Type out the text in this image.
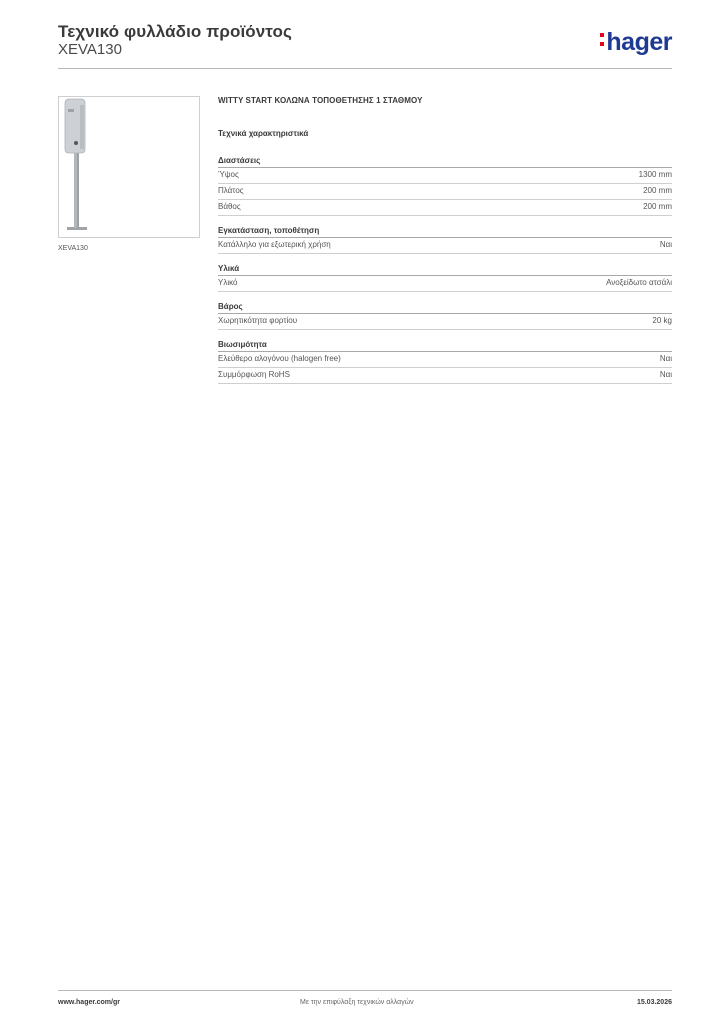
Τεχνικό φυλλάδιο προϊόντος
XEVA130	hager
XEVA130
WITTY START ΚΟΛΩΝΑ ΤΟΠΟΘΕΤΗΣΗΣ 1 ΣΤΑΘΜΟΥ
Τεχνικά χαρακτηριστικά
Διαστάσεις
Ύψος	1300 mm
Πλάτος	200 mm
Βάθος	200 mm
Εγκατάσταση, τοποθέτηση
Κατάλληλο για εξωτερική χρήση	Ναι
Υλικά
Υλικό	Ανοξείδωτο ατσάλι
Βάρος
Χωρητικότητα φορτίου	20 kg
Βιωσιμότητα
Ελεύθερο αλογόνου (halogen free)	Ναι
Συμμόρφωση RoHS	Ναι
www.hager.com/gr	Με την επιφύλαξη τεχνικών αλλαγών	15.03.2026
